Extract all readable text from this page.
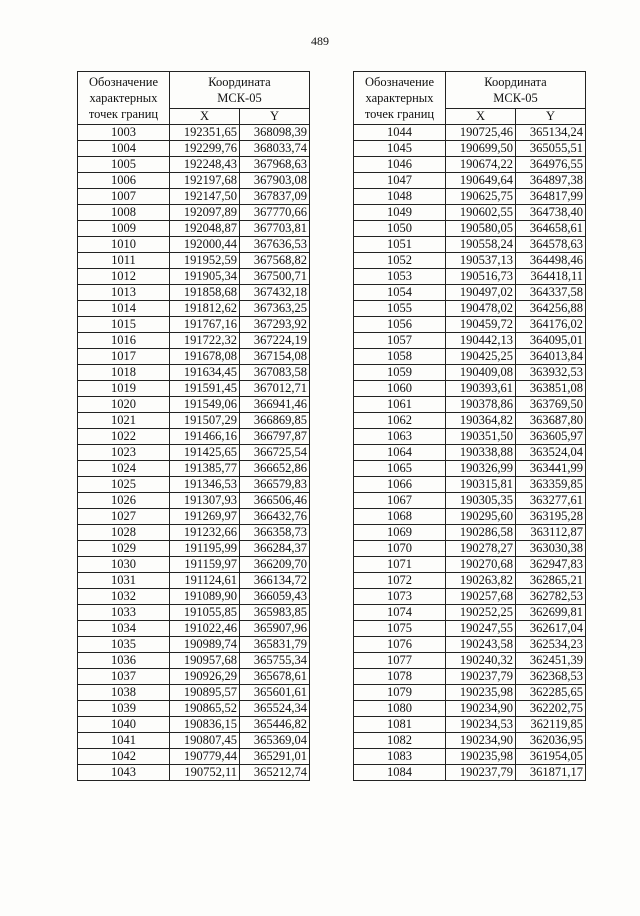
489
Обозначение
характерных
точек границ	Координата
МСК-05	

	X	Y
1003	192351,65	368098,39
1004	192299,76	368033,74
1005	192248,43	367968,63
1006	192197,68	367903,08
1007	192147,50	367837,09
1008	192097,89	367770,66
1009	192048,87	367703,81
1010	192000,44	367636,53
1011	191952,59	367568,82
1012	191905,34	367500,71
1013	191858,68	367432,18
1014	191812,62	367363,25
1015	191767,16	367293,92
1016	191722,32	367224,19
1017	191678,08	367154,08
1018	191634,45	367083,58
1019	191591,45	367012,71
1020	191549,06	366941,46
1021	191507,29	366869,85
1022	191466,16	366797,87
1023	191425,65	366725,54
1024	191385,77	366652,86
1025	191346,53	366579,83
1026	191307,93	366506,46
1027	191269,97	366432,76
1028	191232,66	366358,73
1029	191195,99	366284,37
1030	191159,97	366209,70
1031	191124,61	366134,72
1032	191089,90	366059,43
1033	191055,85	365983,85
1034	191022,46	365907,96
1035	190989,74	365831,79
1036	190957,68	365755,34
1037	190926,29	365678,61
1038	190895,57	365601,61
1039	190865,52	365524,34
1040	190836,15	365446,82
1041	190807,45	365369,04
1042	190779,44	365291,01
1043	190752,11	365212,74
Обозначение
характерных
точек границ	Координата
МСК-05	

	X	Y
1044	190725,46	365134,24
1045	190699,50	365055,51
1046	190674,22	364976,55
1047	190649,64	364897,38
1048	190625,75	364817,99
1049	190602,55	364738,40
1050	190580,05	364658,61
1051	190558,24	364578,63
1052	190537,13	364498,46
1053	190516,73	364418,11
1054	190497,02	364337,58
1055	190478,02	364256,88
1056	190459,72	364176,02
1057	190442,13	364095,01
1058	190425,25	364013,84
1059	190409,08	363932,53
1060	190393,61	363851,08
1061	190378,86	363769,50
1062	190364,82	363687,80
1063	190351,50	363605,97
1064	190338,88	363524,04
1065	190326,99	363441,99
1066	190315,81	363359,85
1067	190305,35	363277,61
1068	190295,60	363195,28
1069	190286,58	363112,87
1070	190278,27	363030,38
1071	190270,68	362947,83
1072	190263,82	362865,21
1073	190257,68	362782,53
1074	190252,25	362699,81
1075	190247,55	362617,04
1076	190243,58	362534,23
1077	190240,32	362451,39
1078	190237,79	362368,53
1079	190235,98	362285,65
1080	190234,90	362202,75
1081	190234,53	362119,85
1082	190234,90	362036,95
1083	190235,98	361954,05
1084	190237,79	361871,17
